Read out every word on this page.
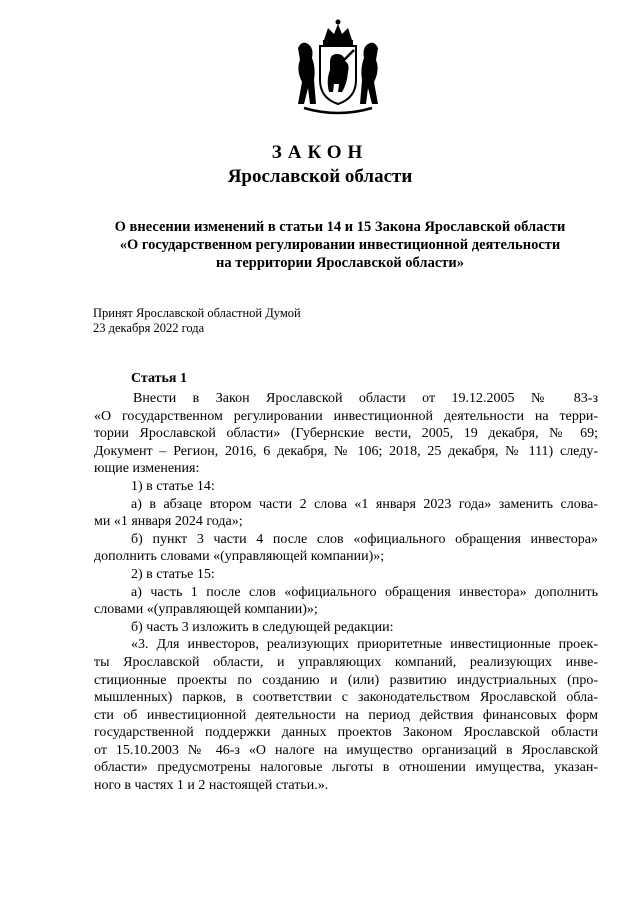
ЗАКОН
Ярославской области
О внесении изменений в статьи 14 и 15 Закона Ярославской области
«О государственном регулировании инвестиционной деятельности
на территории Ярославской области»
Принят Ярославской областной Думой
23 декабря 2022 года
Статья 1
Внести в Закон Ярославской области от 19.12.2005 № 83-з
«О государственном регулировании инвестиционной деятельности на терри-
тории Ярославской области» (Губернские вести, 2005, 19 декабря, № 69;
Документ – Регион, 2016, 6 декабря, № 106; 2018, 25 декабря, № 111) следу-
ющие изменения:
1) в статье 14:
а) в абзаце втором части 2 слова «1 января 2023 года» заменить слова-
ми «1 января 2024 года»;
б) пункт 3 части 4 после слов «официального обращения инвестора»
дополнить словами «(управляющей компании)»;
2) в статье 15:
а) часть 1 после слов «официального обращения инвестора» дополнить
словами «(управляющей компании)»;
б) часть 3 изложить в следующей редакции:
«3. Для инвесторов, реализующих приоритетные инвестиционные проек-
ты Ярославской области, и управляющих компаний, реализующих инве-
стиционные проекты по созданию и (или) развитию индустриальных (про-
мышленных) парков, в соответствии с законодательством Ярославской обла-
сти об инвестиционной деятельности на период действия финансовых форм
государственной поддержки данных проектов Законом Ярославской области
от 15.10.2003 № 46-з «О налоге на имущество организаций в Ярославской
области» предусмотрены налоговые льготы в отношении имущества, указан-
ного в частях 1 и 2 настоящей статьи.».
